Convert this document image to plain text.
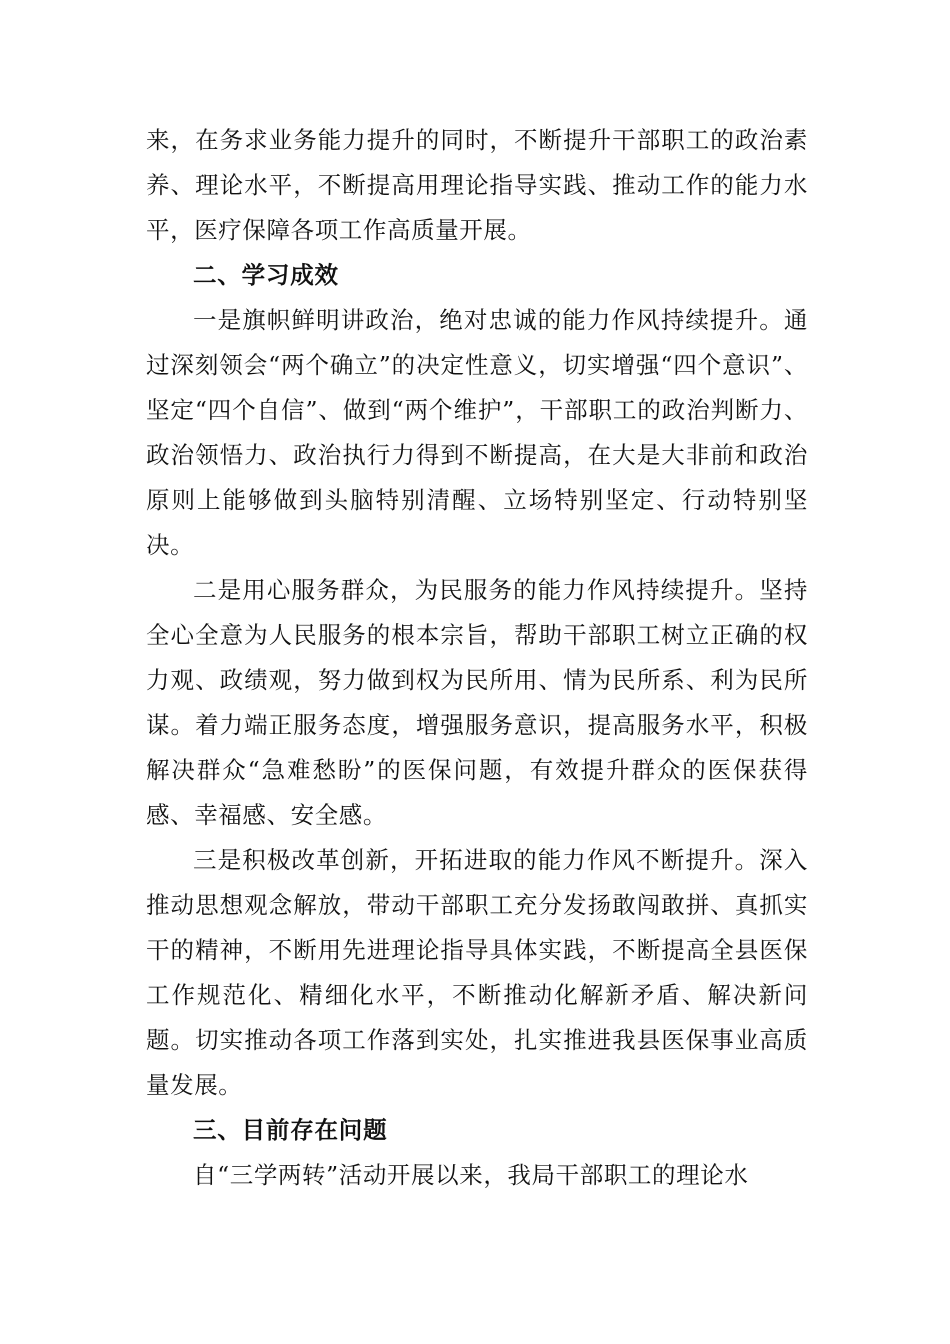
来，在务求业务能力提升的同时，不断提升干部职工的政治素养、理论水平，不断提高用理论指导实践、推动工作的能力水平，医疗保障各项工作高质量开展。

二、学习成效

一是旗帜鲜明讲政治，绝对忠诚的能力作风持续提升。通过深刻领会“两个确立”的决定性意义，切实增强“四个意识”、坚定“四个自信”、做到“两个维护”，干部职工的政治判断力、政治领悟力、政治执行力得到不断提高，在大是大非前和政治原则上能够做到头脑特别清醒、立场特别坚定、行动特别坚决。

二是用心服务群众，为民服务的能力作风持续提升。坚持全心全意为人民服务的根本宗旨，帮助干部职工树立正确的权力观、政绩观，努力做到权为民所用、情为民所系、利为民所谋。着力端正服务态度，增强服务意识，提高服务水平，积极解决群众“急难愁盼”的医保问题，有效提升群众的医保获得感、幸福感、安全感。

三是积极改革创新，开拓进取的能力作风不断提升。深入推动思想观念解放，带动干部职工充分发扬敢闯敢拼、真抓实干的精神，不断用先进理论指导具体实践，不断提高全县医保工作规范化、精细化水平，不断推动化解新矛盾、解决新问题。切实推动各项工作落到实处，扎实推进我县医保事业高质量发展。

三、目前存在问题

自“三学两转”活动开展以来，我局干部职工的理论水
